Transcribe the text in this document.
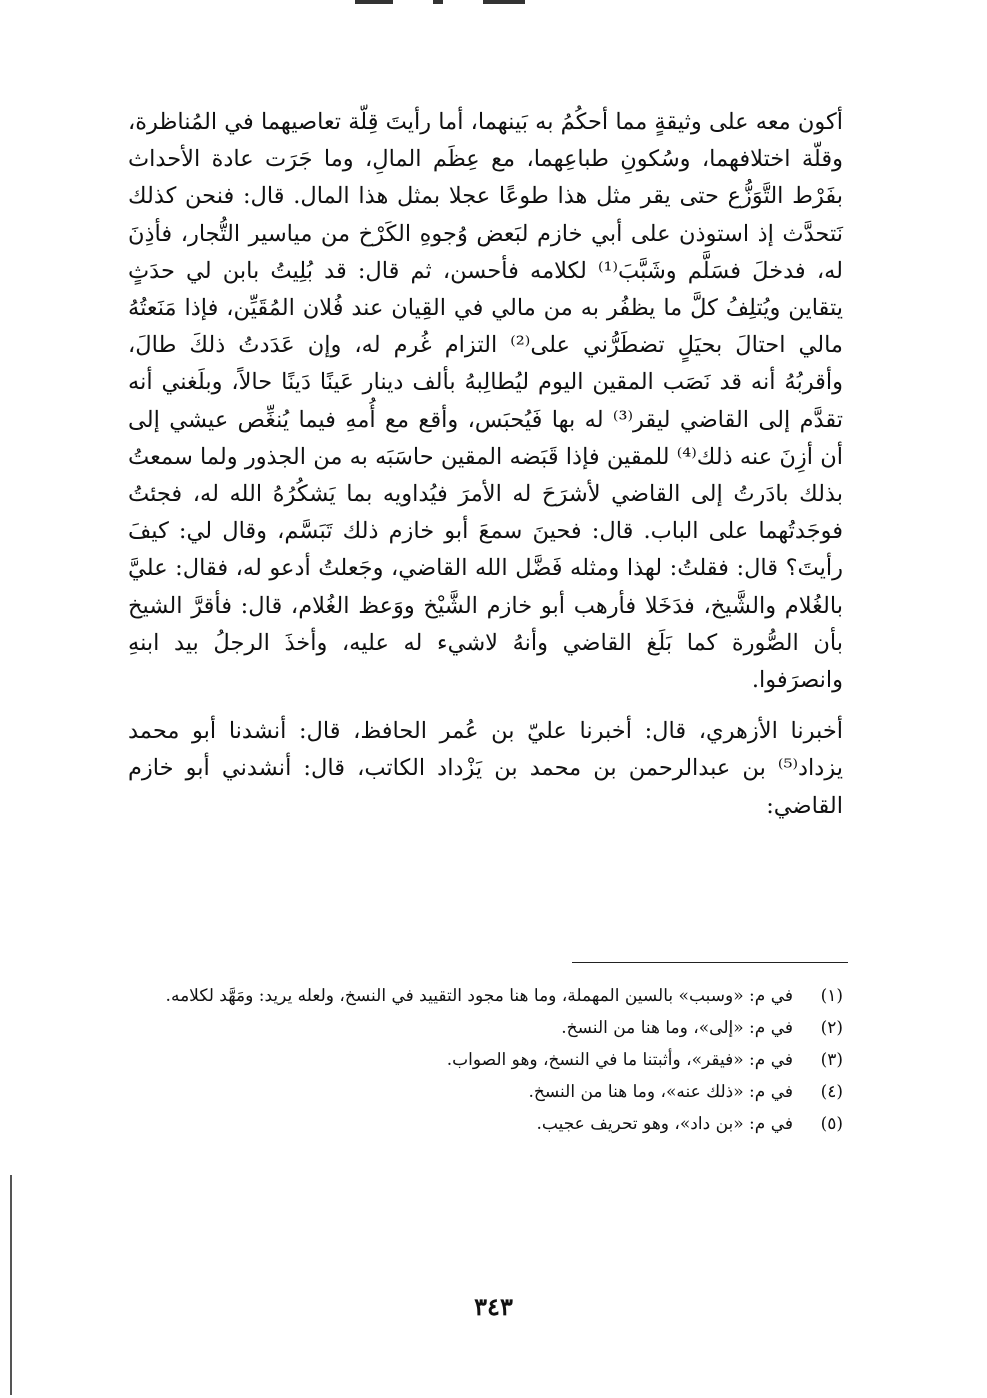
أكون معه على وثيقةٍ مما أحكُمُ به بَينهما، أما رأيتَ قِلّة تعاصيهما في المُناظرة، وقلّة اختلافهما، وسُكونِ طباعِهما، مع عِظَم المالِ، وما جَرَت عادة الأحداث بفَرْط التَّوَزُّع حتى يقر مثل هذا طوعًا عجلا بمثل هذا المال. قال: فنحن كذلك نَتحدَّث إذ استوذن على أبي خازم لبَعض وُجوهِ الكَرْخ من مياسير التُّجار، فأذِنَ له، فدخلَ فسَلَّم وشَبَّبَ⁽¹⁾ لكلامه فأحسن، ثم قال: قد بُلِيتُ بابن لي حدَثٍ يتقاين ويُتلِفُ كلَّ ما يظفُر به من مالي في القِيان عند فُلان المُقَيِّن، فإذا مَنَعتُهُ مالي احتالَ بحيَلٍ تضطَرُّني على⁽²⁾ التزام غُرم له، وإن عَدَدتُ ذلكَ طالَ، وأقربُهُ أنه قد نَصَب المقين اليوم ليُطالِبهُ بألف دينار عَينًا دَينًا حالاً، وبلَغني أنه تقدَّم إلى القاضي ليقر⁽³⁾ له بها فَيُحبَس، وأقع مع أُمهِ فيما يُنغِّص عيشي إلى أن أزِنَ عنه ذلك⁽⁴⁾ للمقين فإذا قَبَضه المقين حاسَبَه به من الجذور ولما سمعتُ بذلك بادَرتُ إلى القاضي لأشرَحَ له الأمرَ فيُداويه بما يَشكُرُهُ الله له، فجئتُ فوجَدتُهما على الباب. قال: فحينَ سمعَ أبو خازم ذلك تَبَسَّم، وقال لي: كيفَ رأيتَ؟ قال: فقلتُ: لهذا ومثله فَضَّل الله القاضي، وجَعلتُ أدعو له، فقال: عليَّ بالغُلام والشَّيخ، فدَخَلا فأرهب أبو خازم الشَّيْخ ووَعظ الغُلام، قال: فأقرَّ الشيخ بأن الصُّورة كما بَلَغ القاضي وأنهُ لاشيء له عليه، وأخذَ الرجلُ بيد ابنهِ وانصرَفوا.

أخبرنا الأزهري، قال: أخبرنا عليّ بن عُمر الحافظ، قال: أنشدنا أبو محمد يزداد⁽⁵⁾ بن عبدالرحمن بن محمد بن يَزْداد الكاتب، قال: أنشدني أبو خازم القاضي:

(١)
في م: «وسبب» بالسين المهملة، وما هنا مجود التقييد في النسخ، ولعله يريد: ومَهَّد لكلامه.
(٢)
في م: «إلى»، وما هنا من النسخ.
(٣)
في م: «فيقر»، وأثبتنا ما في النسخ، وهو الصواب.
(٤)
في م: «ذلك عنه»، وما هنا من النسخ.
(٥)
في م: «بن داد»، وهو تحريف عجيب.
٣٤٣
